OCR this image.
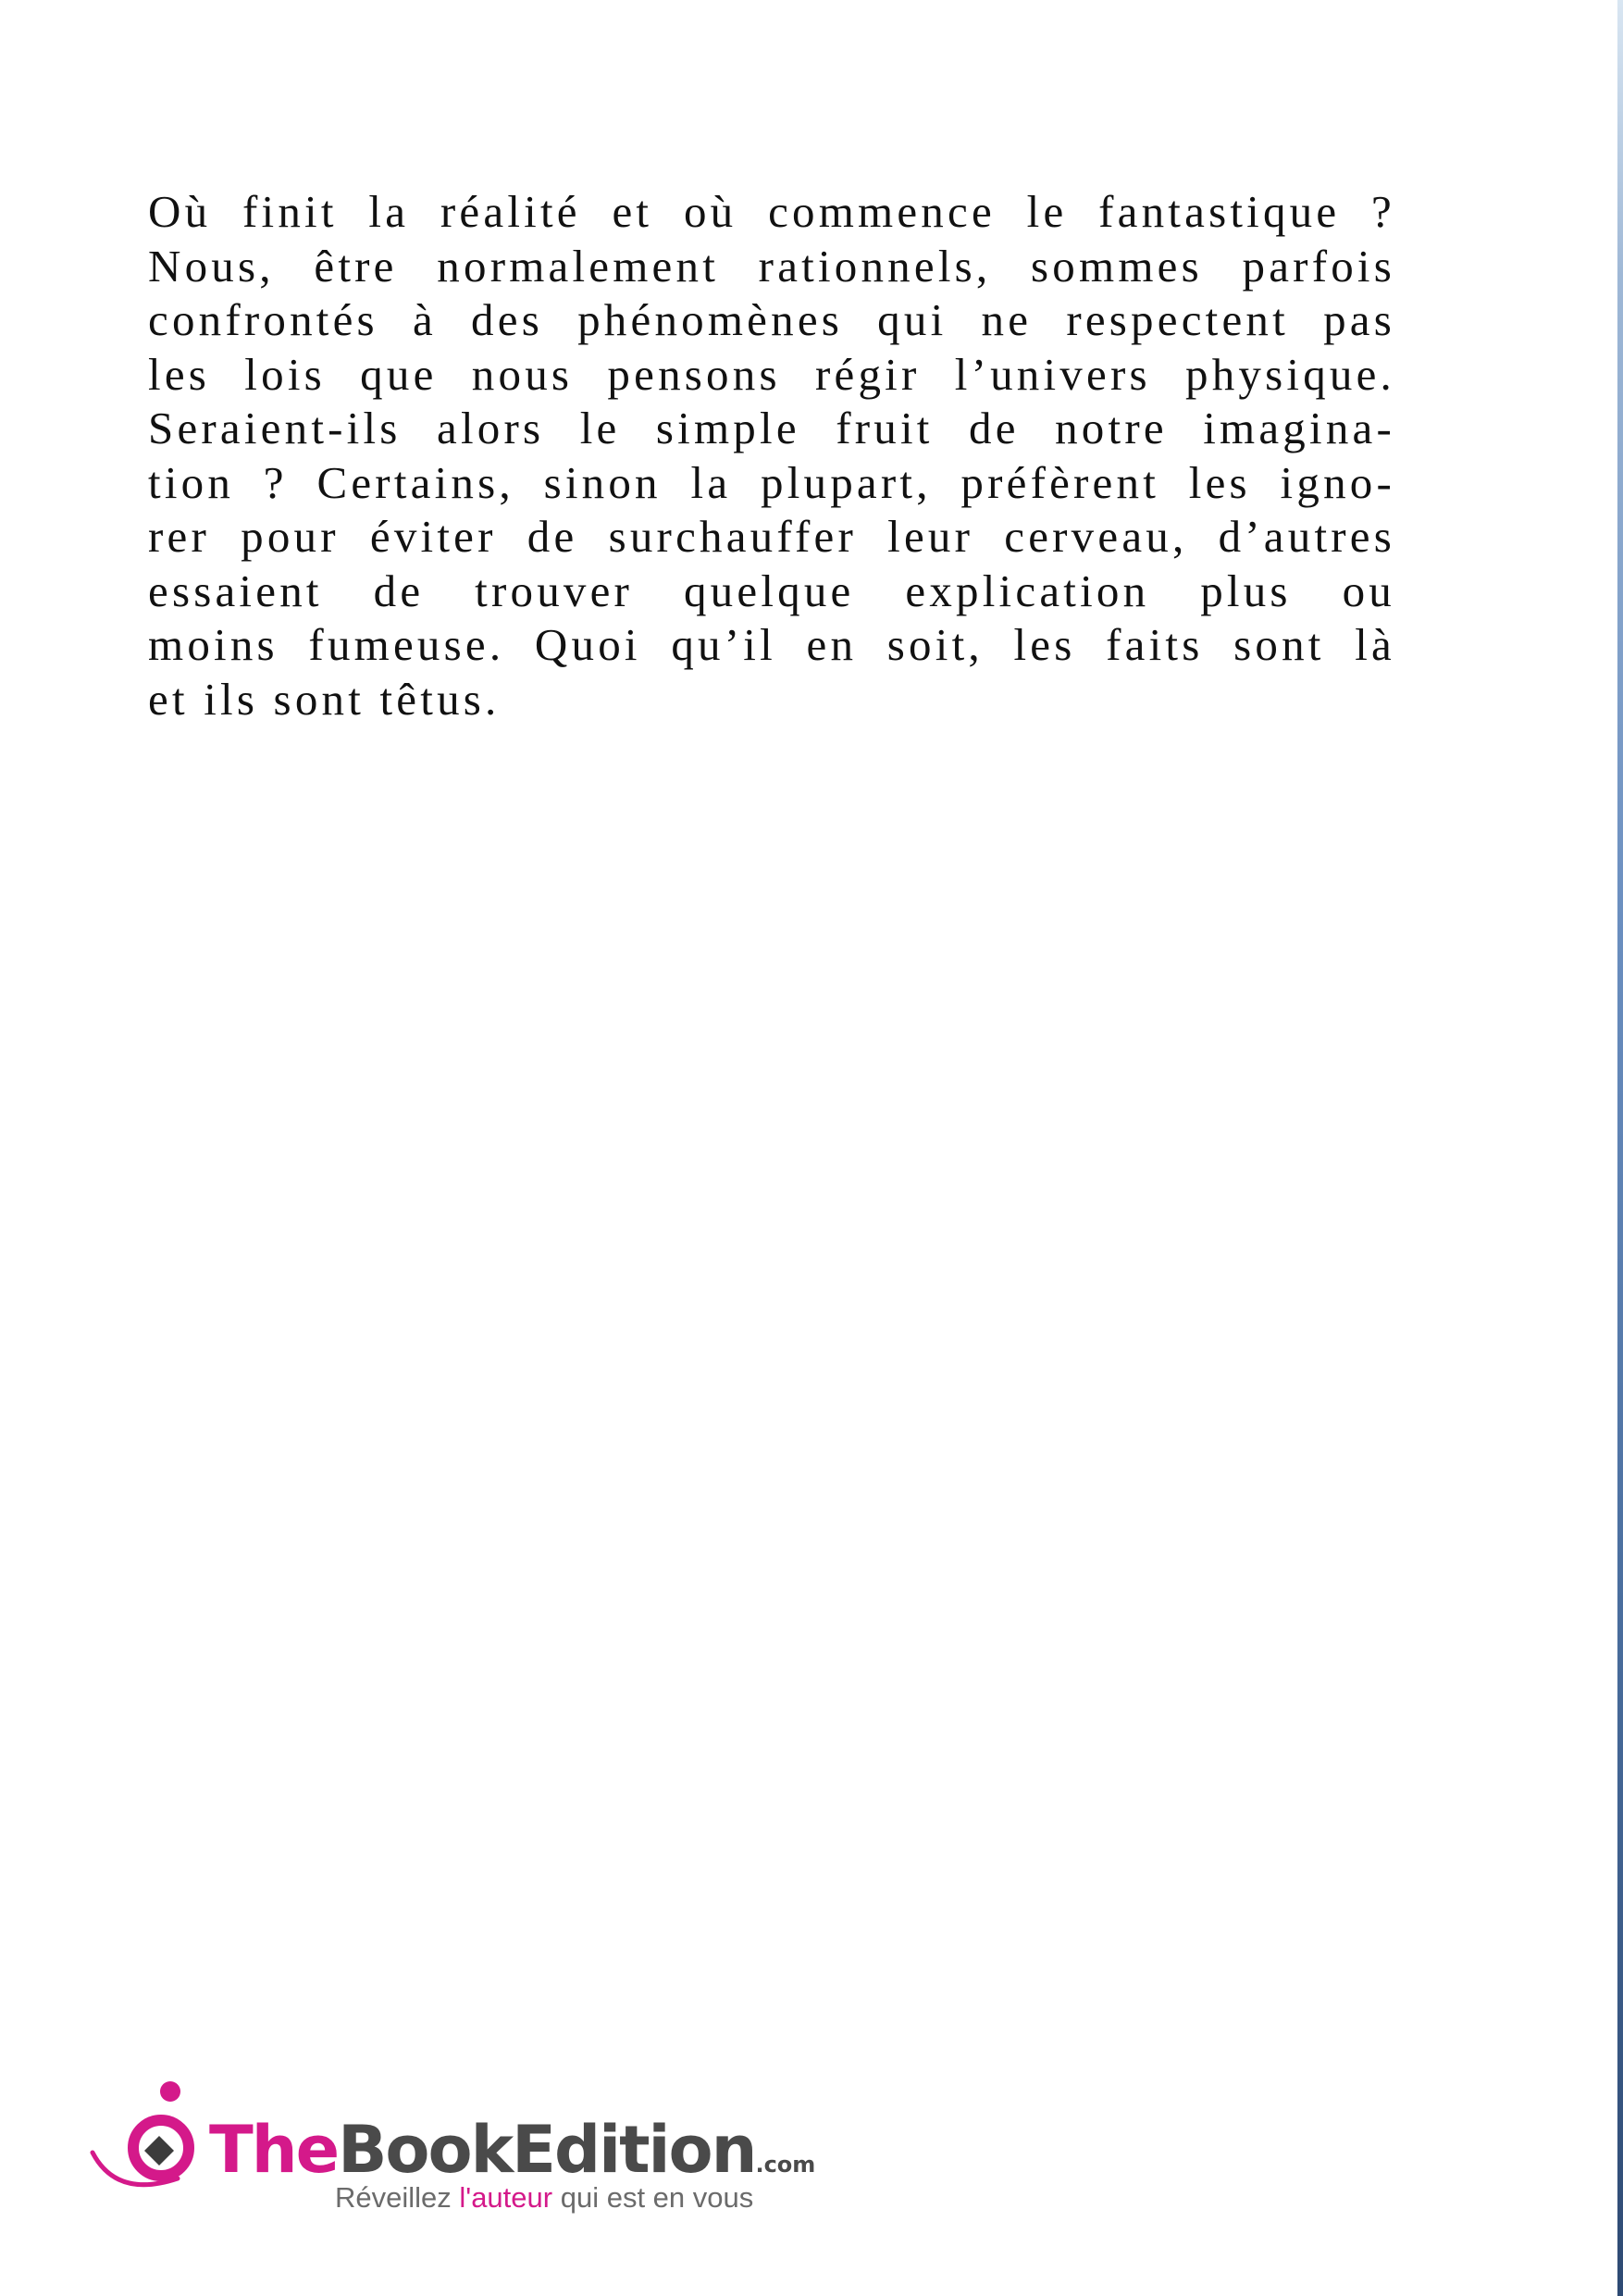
Où finit la réalité et où commence le fantastique ?
Nous, être normalement rationnels, sommes parfois
confrontés à des phénomènes qui ne respectent pas
les lois que nous pensons régir l’univers physique.
Seraient-ils alors le simple fruit de notre imagina-
tion ? Certains, sinon la plupart, préfèrent les igno-
rer pour éviter de surchauffer leur cerveau, d’autres
essaient de trouver quelque explication plus ou
moins fumeuse. Quoi qu’il en soit, les faits sont là
et ils sont têtus.
TheBookEdition.com
Réveillez l'auteur qui est en vous
